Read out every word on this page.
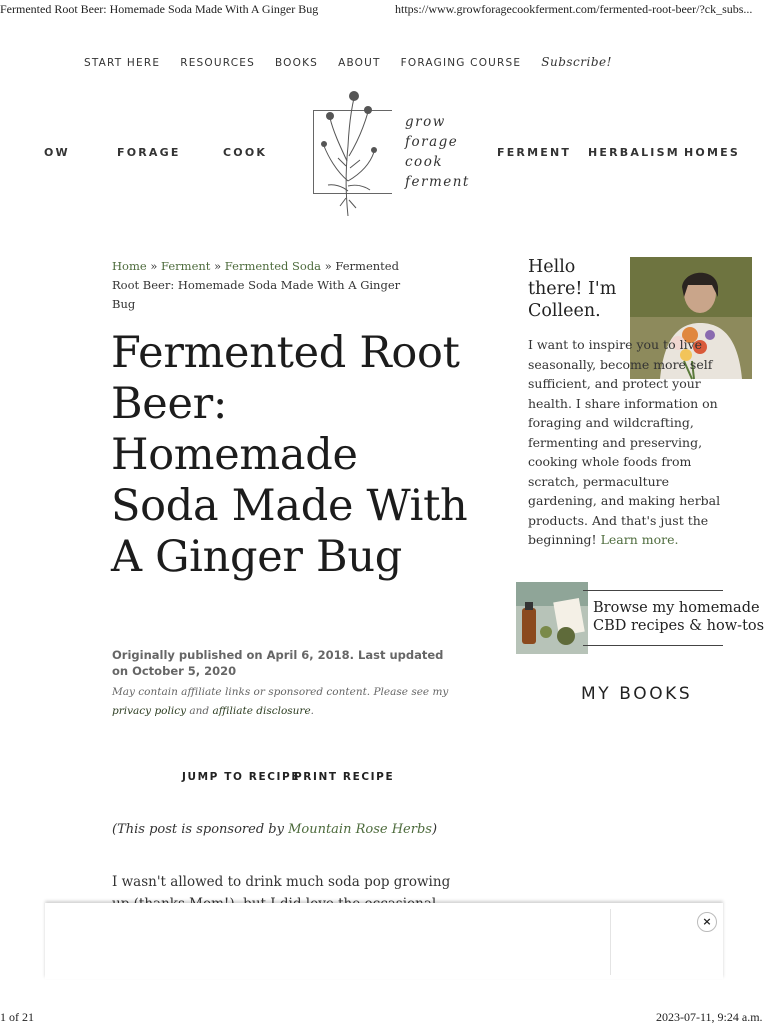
Fermented Root Beer: Homemade Soda Made With A Ginger Bug	https://www.growforagecookferment.com/fermented-root-beer/?ck_subs...
START HERE RESOURCES BOOKS ABOUT FORAGING COURSE Subscribe!
OW	FORAGE	COOK	FERMENT HERBALISM HOMES
grow
forage
cook
ferment
Home » Ferment » Fermented Soda » Fermented Root Beer: Homemade Soda Made With A Ginger Bug
Fermented Root Beer: Homemade Soda Made With A Ginger Bug
Originally published on April 6, 2018. Last updated on October 5, 2020
May contain affiliate links or sponsored content. Please see my privacy policy and affiliate disclosure.
JUMP TO RECIPE
PRINT RECIPE
(This post is sponsored by Mountain Rose Herbs)
I wasn't allowed to drink much soda pop growing
Hello there! I'm Colleen.
I want to inspire you to live seasonally, become more self sufficient, and protect your health. I share information on foraging and wildcrafting, fermenting and preserving, cooking whole foods from scratch, permaculture gardening, and making herbal products. And that's just the beginning! Learn more.
Browse my homemade
CBD recipes & how-tos
MY BOOKS
×
1 of 21	2023-07-11, 9:24 a.m.
